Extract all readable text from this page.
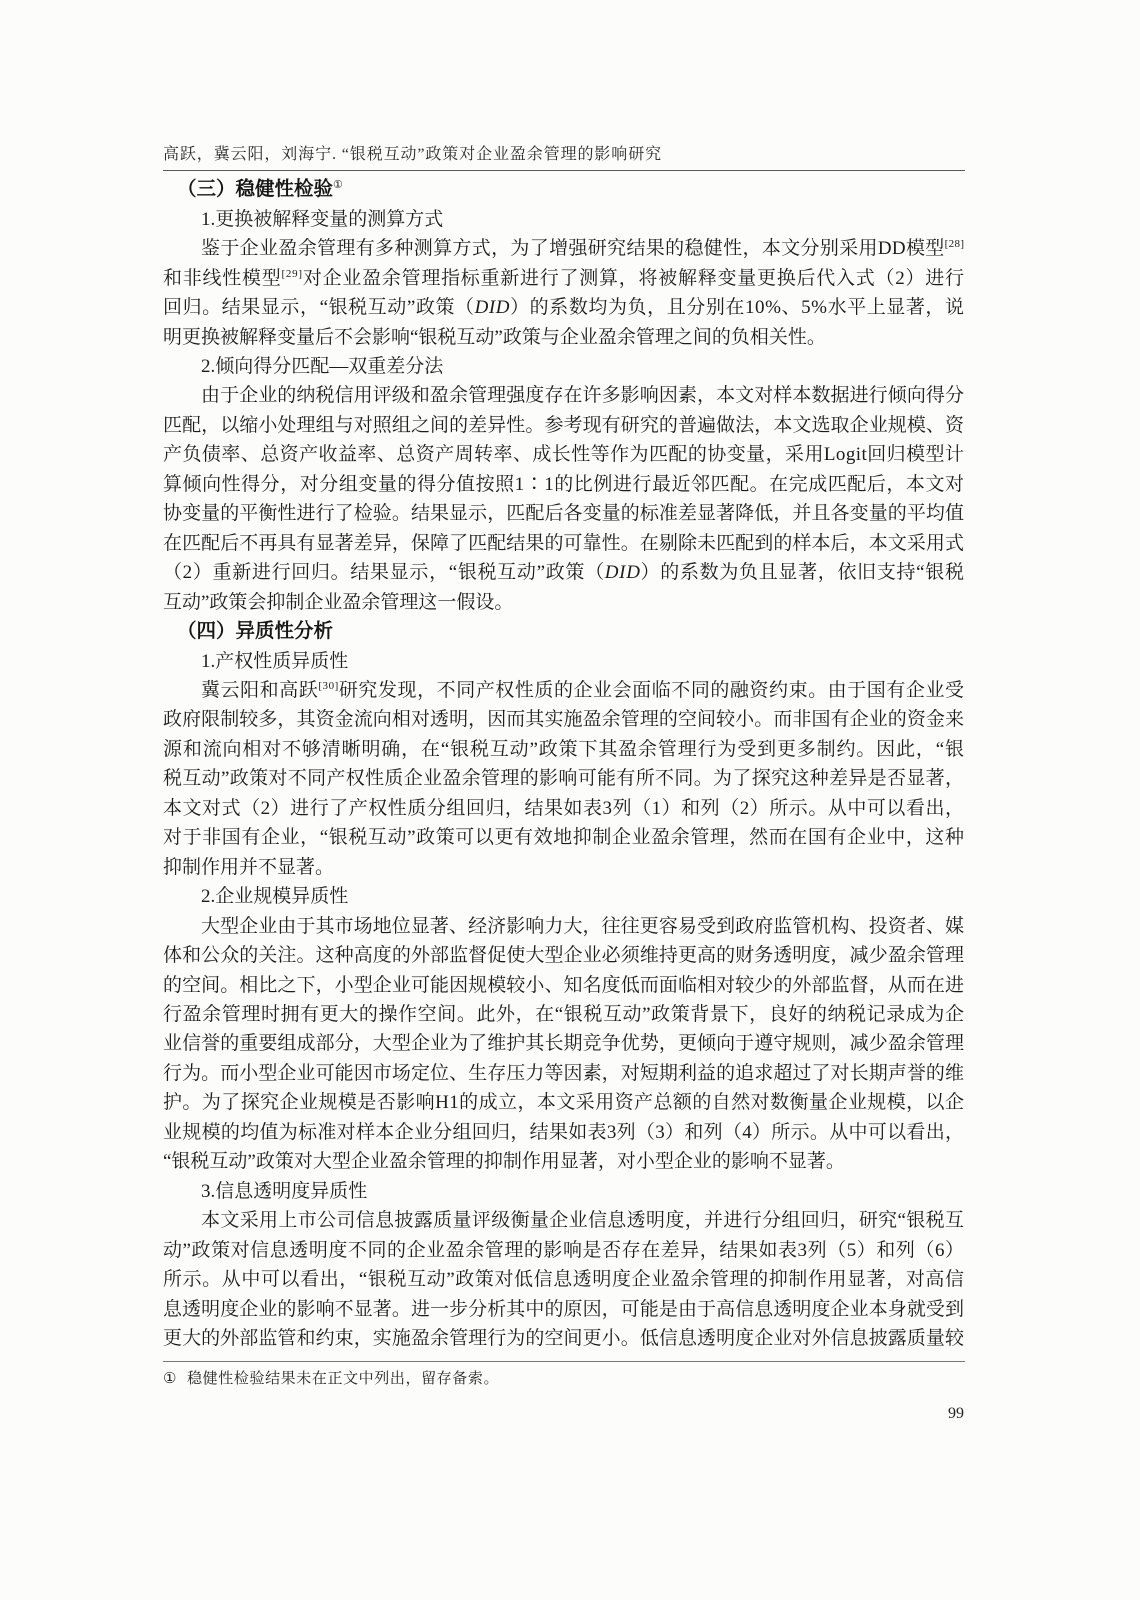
高跃，冀云阳，刘海宁. “银税互动”政策对企业盈余管理的影响研究
（三）稳健性检验①
1.更换被解释变量的测算方式
鉴于企业盈余管理有多种测算方式，为了增强研究结果的稳健性，本文分别采用DD模型[28]
和非线性模型[29]对企业盈余管理指标重新进行了测算，将被解释变量更换后代入式（2）进行
回归。结果显示，“银税互动”政策（DID）的系数均为负，且分别在10%、5%水平上显著，说
明更换被解释变量后不会影响“银税互动”政策与企业盈余管理之间的负相关性。
2.倾向得分匹配—双重差分法
由于企业的纳税信用评级和盈余管理强度存在许多影响因素，本文对样本数据进行倾向得分
匹配，以缩小处理组与对照组之间的差异性。参考现有研究的普遍做法，本文选取企业规模、资
产负债率、总资产收益率、总资产周转率、成长性等作为匹配的协变量，采用Logit回归模型计
算倾向性得分，对分组变量的得分值按照1∶1的比例进行最近邻匹配。在完成匹配后，本文对
协变量的平衡性进行了检验。结果显示，匹配后各变量的标准差显著降低，并且各变量的平均值
在匹配后不再具有显著差异，保障了匹配结果的可靠性。在剔除未匹配到的样本后，本文采用式
（2）重新进行回归。结果显示，“银税互动”政策（DID）的系数为负且显著，依旧支持“银税
互动”政策会抑制企业盈余管理这一假设。
（四）异质性分析
1.产权性质异质性
冀云阳和高跃[30]研究发现，不同产权性质的企业会面临不同的融资约束。由于国有企业受
政府限制较多，其资金流向相对透明，因而其实施盈余管理的空间较小。而非国有企业的资金来
源和流向相对不够清晰明确，在“银税互动”政策下其盈余管理行为受到更多制约。因此，“银
税互动”政策对不同产权性质企业盈余管理的影响可能有所不同。为了探究这种差异是否显著，
本文对式（2）进行了产权性质分组回归，结果如表3列（1）和列（2）所示。从中可以看出，
对于非国有企业，“银税互动”政策可以更有效地抑制企业盈余管理，然而在国有企业中，这种
抑制作用并不显著。
2.企业规模异质性
大型企业由于其市场地位显著、经济影响力大，往往更容易受到政府监管机构、投资者、媒
体和公众的关注。这种高度的外部监督促使大型企业必须维持更高的财务透明度，减少盈余管理
的空间。相比之下，小型企业可能因规模较小、知名度低而面临相对较少的外部监督，从而在进
行盈余管理时拥有更大的操作空间。此外，在“银税互动”政策背景下，良好的纳税记录成为企
业信誉的重要组成部分，大型企业为了维护其长期竞争优势，更倾向于遵守规则，减少盈余管理
行为。而小型企业可能因市场定位、生存压力等因素，对短期利益的追求超过了对长期声誉的维
护。为了探究企业规模是否影响H1的成立，本文采用资产总额的自然对数衡量企业规模，以企
业规模的均值为标准对样本企业分组回归，结果如表3列（3）和列（4）所示。从中可以看出，
“银税互动”政策对大型企业盈余管理的抑制作用显著，对小型企业的影响不显著。
3.信息透明度异质性
本文采用上市公司信息披露质量评级衡量企业信息透明度，并进行分组回归，研究“银税互
动”政策对信息透明度不同的企业盈余管理的影响是否存在差异，结果如表3列（5）和列（6）
所示。从中可以看出，“银税互动”政策对低信息透明度企业盈余管理的抑制作用显著，对高信
息透明度企业的影响不显著。进一步分析其中的原因，可能是由于高信息透明度企业本身就受到
更大的外部监管和约束，实施盈余管理行为的空间更小。低信息透明度企业对外信息披露质量较
① 稳健性检验结果未在正文中列出，留存备索。
99
